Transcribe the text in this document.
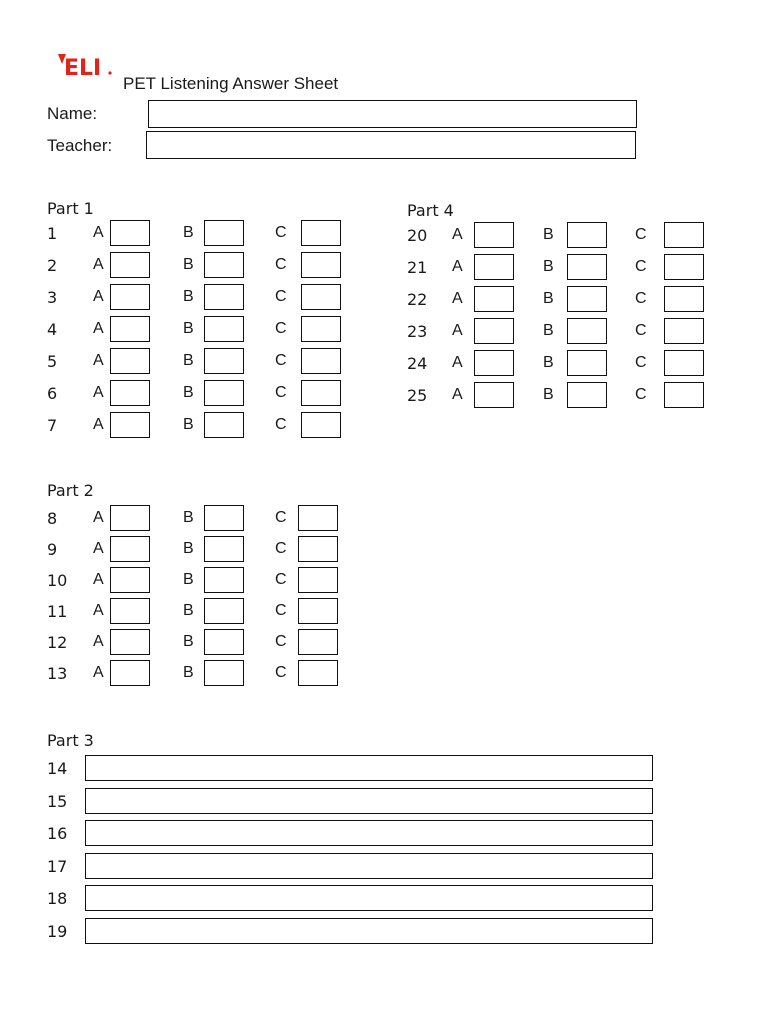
ELI
PET Listening Answer Sheet
Name:
Teacher:
Part 1	Part 4
Part 2
Part 3
1 A	B	C
2 A	B	C
3 A	B	C
4 A	B	C
5 A	B	C
6 A	B	C
7 A	B	C
8 A	B	C
9 A	B	C
10 A	B	C
11 A	B	C
12 A	B	C
13 A	B	C
14
15
16
17
18
19
20 A	B	C
21 A	B	C
22 A	B	C
23 A	B	C
24 A	B	C
25 A	B	C
